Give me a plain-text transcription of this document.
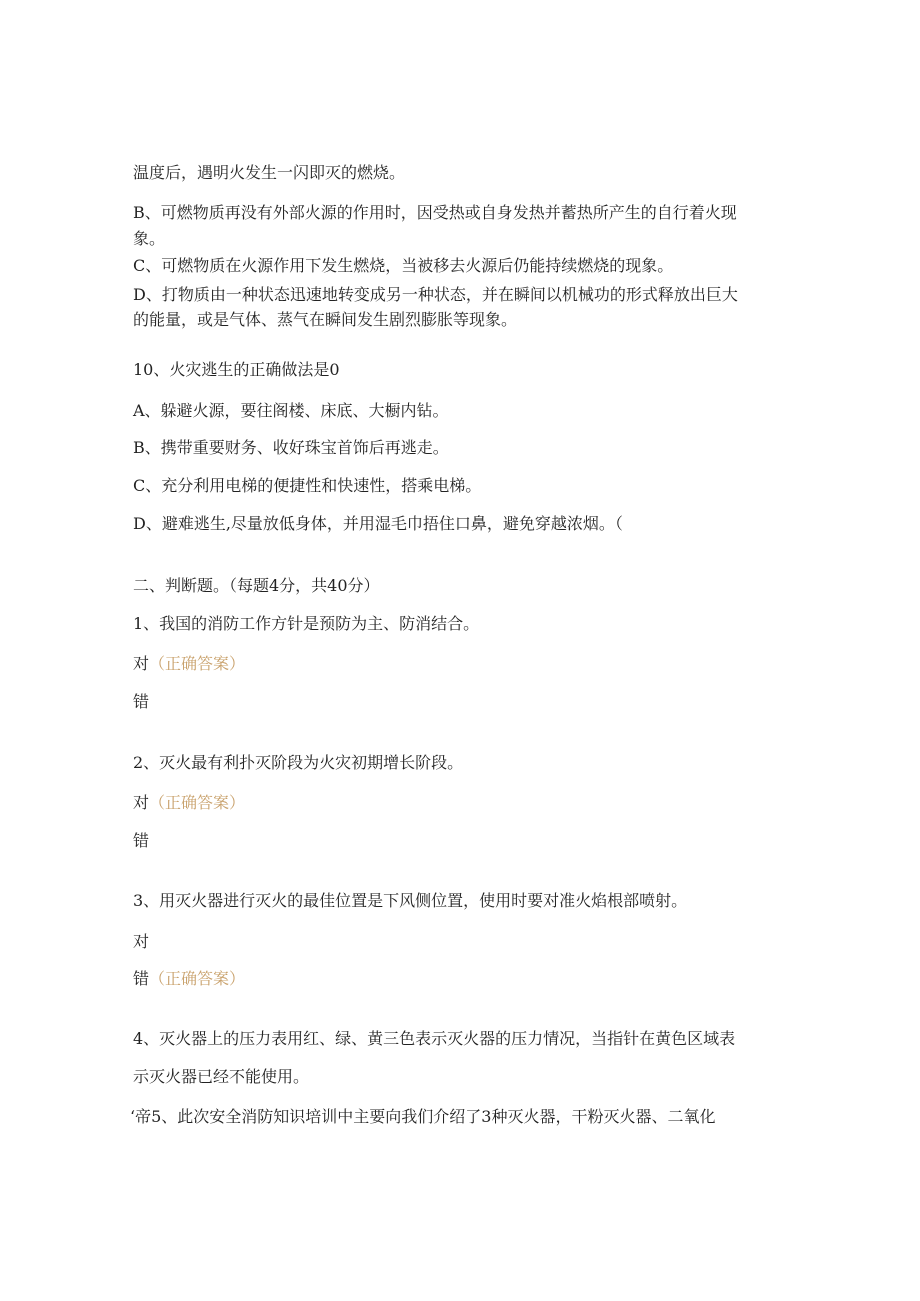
温度后，遇明火发生一闪即灭的燃烧。

B、可燃物质再没有外部火源的作用时，因受热或自身发热并蓄热所产生的自行着火现

象。

C、可燃物质在火源作用下发生燃烧，当被移去火源后仍能持续燃烧的现象。

D、打物质由一种状态迅速地转变成另一种状态，并在瞬间以机械功的形式释放出巨大

的能量，或是气体、蒸气在瞬间发生剧烈膨胀等现象。

10、火灾逃生的正确做法是0

A、躲避火源，要往阁楼、床底、大橱内钻。

B、携带重要财务、收好珠宝首饰后再逃走。

C、充分利用电梯的便捷性和快速性，搭乘电梯。

D、避难逃生,尽量放低身体，并用湿毛巾捂住口鼻，避免穿越浓烟。（

二、判断题。（每题4分，共40分）

1、我国的消防工作方针是预防为主、防消结合。

对（正确答案）

错

2、灭火最有利扑灭阶段为火灾初期增长阶段。

对（正确答案）

错

3、用灭火器进行灭火的最佳位置是下风侧位置，使用时要对准火焰根部喷射。

对

错（正确答案）

4、灭火器上的压力表用红、绿、黄三色表示灭火器的压力情况，当指针在黄色区域表

示灭火器已经不能使用。

‘帝5、此次安全消防知识培训中主要向我们介绍了3种灭火器，干粉灭火器、二氧化
